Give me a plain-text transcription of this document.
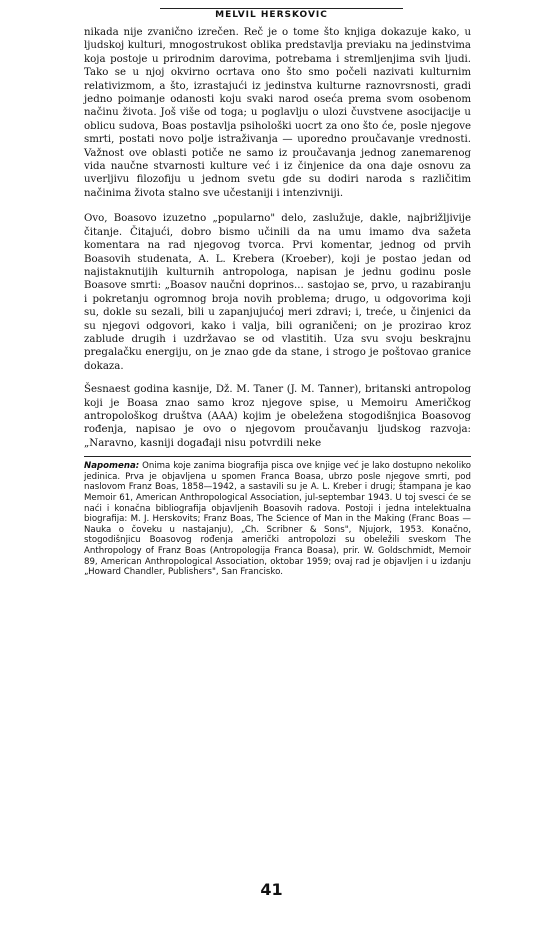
MELVIL HERSKOVIC

nikada nije zvanično izrečen. Reč je o tome što knjiga dokazuje kako, u ljudskoj kulturi, mnogostrukost oblika predstavlja previaku na jedinstvima koja postoje u prirodnim darovima, potrebama i stremljenjima svih ljudi. Tako se u njoj okvirno ocrtava ono što smo počeli nazivati kulturnim relativizmom, a što, izrastajući iz jedinstva kulturne raznovrsnosti, gradi jedno poimanje odanosti koju svaki narod oseća prema svom osobenom načinu života. Još više od toga; u poglavlju o ulozi čuvstvene asocijacije u oblicu sudova, Boas postavlja psihološki uocrt za ono što će, posle njegove smrti, postati novo polje istraživanja — uporedno proučavanje vrednosti. Važnost ove oblasti potiče ne samo iz proučavanja jednog zanemarenog vida naučne stvarnosti kulture već i iz činjenice da ona daje osnovu za uverljivu filozofiju u jednom svetu gde su dodiri naroda s različitim načinima života stalno sve učestaniji i intenzivniji.

Ovo, Boasovo izuzetno „popularno" delo, zaslužuje, dakle, najbrižljivije čitanje. Čitajući, dobro bismo učinili da na umu imamo dva sažeta komentara na rad njegovog tvorca. Prvi komentar, jednog od prvih Boasovih studenata, A. L. Krebera (Kroeber), koji je postao jedan od najistaknutijih kulturnih antropologa, napisan je jednu godinu posle Boasove smrti: „Boasov naučni doprinos... sastojao se, prvo, u razabiranju i pokretanju ogromnog broja novih problema; drugo, u odgovorima koji su, dokle su sezali, bili u zapanjujućoj meri zdravi; i, treće, u činjenici da su njegovi odgovori, kako i valja, bili ograničeni; on je prozirao kroz zablude drugih i uzdržavao se od vlastitih. Uza svu svoju beskrajnu pregalačku energiju, on je znao gde da stane, i strogo je poštovao granice dokaza.

Šesnaest godina kasnije, Dž. M. Taner (J. M. Tanner), britanski antropolog koji je Boasa znao samo kroz njegove spise, u Memoiru Američkog antropološkog društva (AAA) kojim je obeležena stogodišnjica Boasovog rođenja, napisao je ovo o njegovom proučavanju ljudskog razvoja: „Naravno, kasniji događaji nisu potvrdili neke

Napomena: Onima koje zanima biografija pisca ove knjige već je lako dostupno nekoliko jedinica. Prva je objavljena u spomen Franca Boasa, ubrzo posle njegove smrti, pod naslovom Franz Boas, 1858—1942, a sastavili su je A. L. Kreber i drugi; štampana je kao Memoir 61, American Anthropological Association, jul-septembar 1943. U toj svesci će se naći i konačna bibliografija objavljenih Boasovih radova. Postoji i jedna intelektualna biografija: M. J. Herskovits; Franz Boas, The Science of Man in the Making (Franc Boas — Nauka o čoveku u nastajanju), „Ch. Scribner & Sons", Njujork, 1953. Konačno, stogodišnjicu Boasovog rođenja američki antropolozi su obeležili sveskom The Anthropology of Franz Boas (Antropologija Franca Boasa), prir. W. Goldschmidt, Memoir 89, American Anthropological Association, oktobar 1959; ovaj rad je objavljen i u izdanju „Howard Chandler, Publishers", San Francisko.

41
